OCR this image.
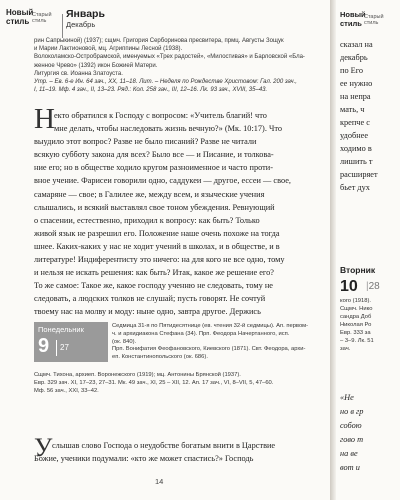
Новый
стиль
Старый
стиль
Январь
Декабрь
рин Сапрыкиной) (1937); сщмч. Григория Серборинова пресвитера, прмц. Августы Зощук
и Марии Лактионовой, мц. Агриппины Лесной (1938).
Волоколамско-Остробрамской, именуемых «Трех радостей», «Милостивая» и Барловской «Бла-
женное Чрево» (1392) икон Божией Матери.
Литургия св. Иоанна Златоуста.
Утр. – Ев. 6-е Ин. 64 зач., XX, 11–18. Лит. – Неделя по Рождестве Христовом: Гал. 200 зач.,
I, 11–19. Мф. 4 зач., II, 13–23. Ряд.: Кол. 258 зач., III, 12–16. Лк. 93 зач., XVIII, 35–43.
Н екто обратился к Господу с вопросом: «Учитель благий! что
мне делать, чтобы наследовать жизнь вечную?» (Мк. 10:17). Что
выудило этот вопрос? Разве не было писаний? Разве не читали
всякую субботу закона для всех? Было все — и Писание, и толкова-
ние его; но в обществе ходило кругом разноименное и часто проти-
вное учение. Фарисеи говорили одно, саддукеи — другое, ессеи — свое,
самаряне — свое; в Галилее же, между всем, и языческие учения
слышались, и всякий выставлял свое тоном убеждения. Ревнующий
о спасении, естественно, приходил к вопросу: как быть? Только
живой язык не разрешил его. Положение наше очень похоже на тогда
шнее. Каких-каких у нас не ходит учений в школах, и в обществе, и в
литературе! Индиферентисту это ничего: на для кого не все одно, тому
и нельзя не искать решения: как быть? Итак, какое же решение его?
То же самое: Такое же, какое господу ученню не следовать, тому не
следовать, а людских толков не слушай; пусть говорят. Не сочтуй
твоему нас на молву и моду: ныне одно, завтра другое. Держись
Понедельник
9 27
Седмица 31-я по Пятидесятнице (ев. чтения 32-й седмицы). Ап. первом-
ч. и архидиакона Стефана (34). Прп. Феодора Начертанного, исп.
(ок. 840).
Прп. Вонифатия Феофановского, Киевского (1871). Свт. Феодора, архи-
еп. Константинопольского (ок. 686).
Сщмч. Тихона, архиеп. Воронежского (1919); мц. Антонины Брянской (1937).
Евр. 329 зач. XI, 17–23, 27–31. Мк. 49 зач., XI, 25 – XII, 12. Ап. 17 зач., VI, 8–VII, 5, 47–60.
Мф. 56 зач., XXI, 33–42.
У слышав слово Господа о неудобстве богатым внити в Царствие
Божие, ученики подумали: «кто же может спастись?» Господь
14
Новый
стиль
Старый
стиль
сказал на
декабрь
по Его
ее нужно
на непра
мать, ч
крепче с
удобнее
ходимо в
лишить т
расширяет
бьет дух
Вторник
10 |28
кого (1918).
Сщмч. Нико
сандра Доб
Николая Ро
Евр. 333 за
– 3–9. Лк. 51
зач.
«Не
но в гр
собою
гово т
на ве
вот и
